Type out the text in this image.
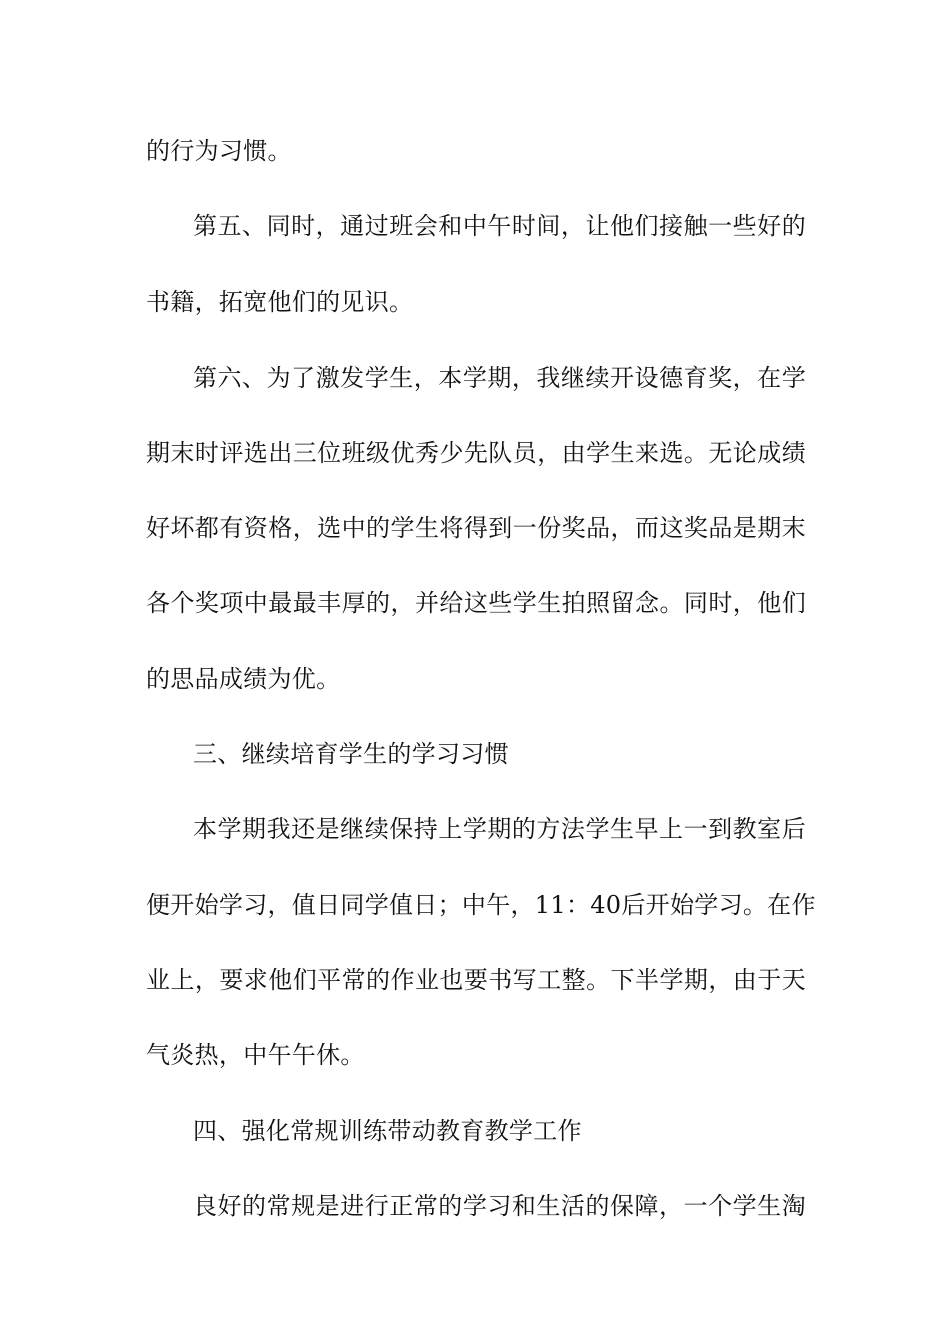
的行为习惯。
第五、同时，通过班会和中午时间，让他们接触一些好的
书籍，拓宽他们的见识。
第六、为了激发学生，本学期，我继续开设德育奖，在学
期末时评选出三位班级优秀少先队员，由学生来选。无论成绩
好坏都有资格，选中的学生将得到一份奖品，而这奖品是期末
各个奖项中最最丰厚的，并给这些学生拍照留念。同时，他们
的思品成绩为优。
三、继续培育学生的学习习惯
本学期我还是继续保持上学期的方法学生早上一到教室后
便开始学习，值日同学值日；中午，11：40后开始学习。在作
业上，要求他们平常的作业也要书写工整。下半学期，由于天
气炎热，中午午休。
四、强化常规训练带动教育教学工作
良好的常规是进行正常的学习和生活的保障，一个学生淘
